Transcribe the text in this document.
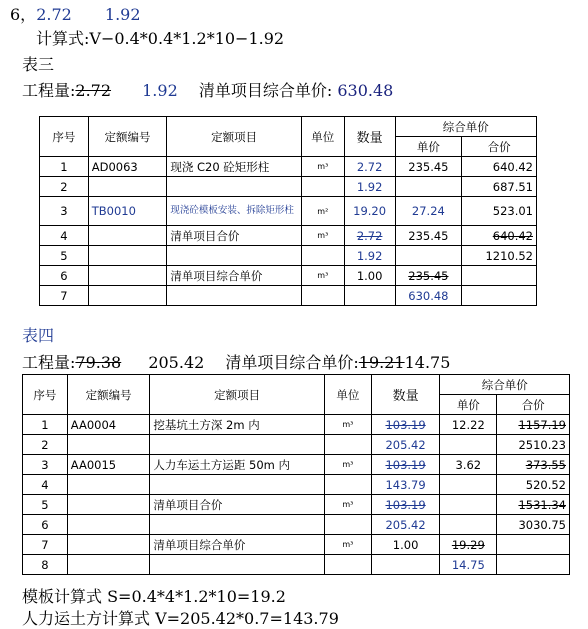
6，2.72 1.92
计算式:V−0.4*0.4*1.2*10−1.92
表三
工程量:2.72 1.92 清单项目综合单价: 630.48
序号	定额编号	定额项目	单位	数量	综合单价	
					单价	合价
1	AD0063	现浇 C20 砼矩形柱	m³	2.72	235.45	640.42
2				1.92		687.51
3	TB0010	现浇砼模板安装、拆除矩形柱	m²	19.20	27.24	523.01
4		清单项目合价	m³	2.72	235.45	640.42
5				1.92		1210.52
6		清单项目综合单价	m³	1.00	235.45	
7					630.48	
表四
工程量:79.38 205.42 清单项目综合单价:19.2114.75
序号	定额编号	定额项目	单位	数量	综合单价	
					单价	合价
1	AA0004	挖基坑土方深 2m 内	m³	103.19	12.22	1157.19
2				205.42		2510.23
3	AA0015	人力车运土方运距 50m 内	m³	103.19	3.62	373.55
4				143.79		520.52
5		清单项目合价	m³	103.19		1531.34
6				205.42		3030.75
7		清单项目综合单价	m³	1.00	19.29	
8					14.75	
模板计算式 S=0.4*4*1.2*10=19.2
人力运土方计算式 V=205.42*0.7=143.79
